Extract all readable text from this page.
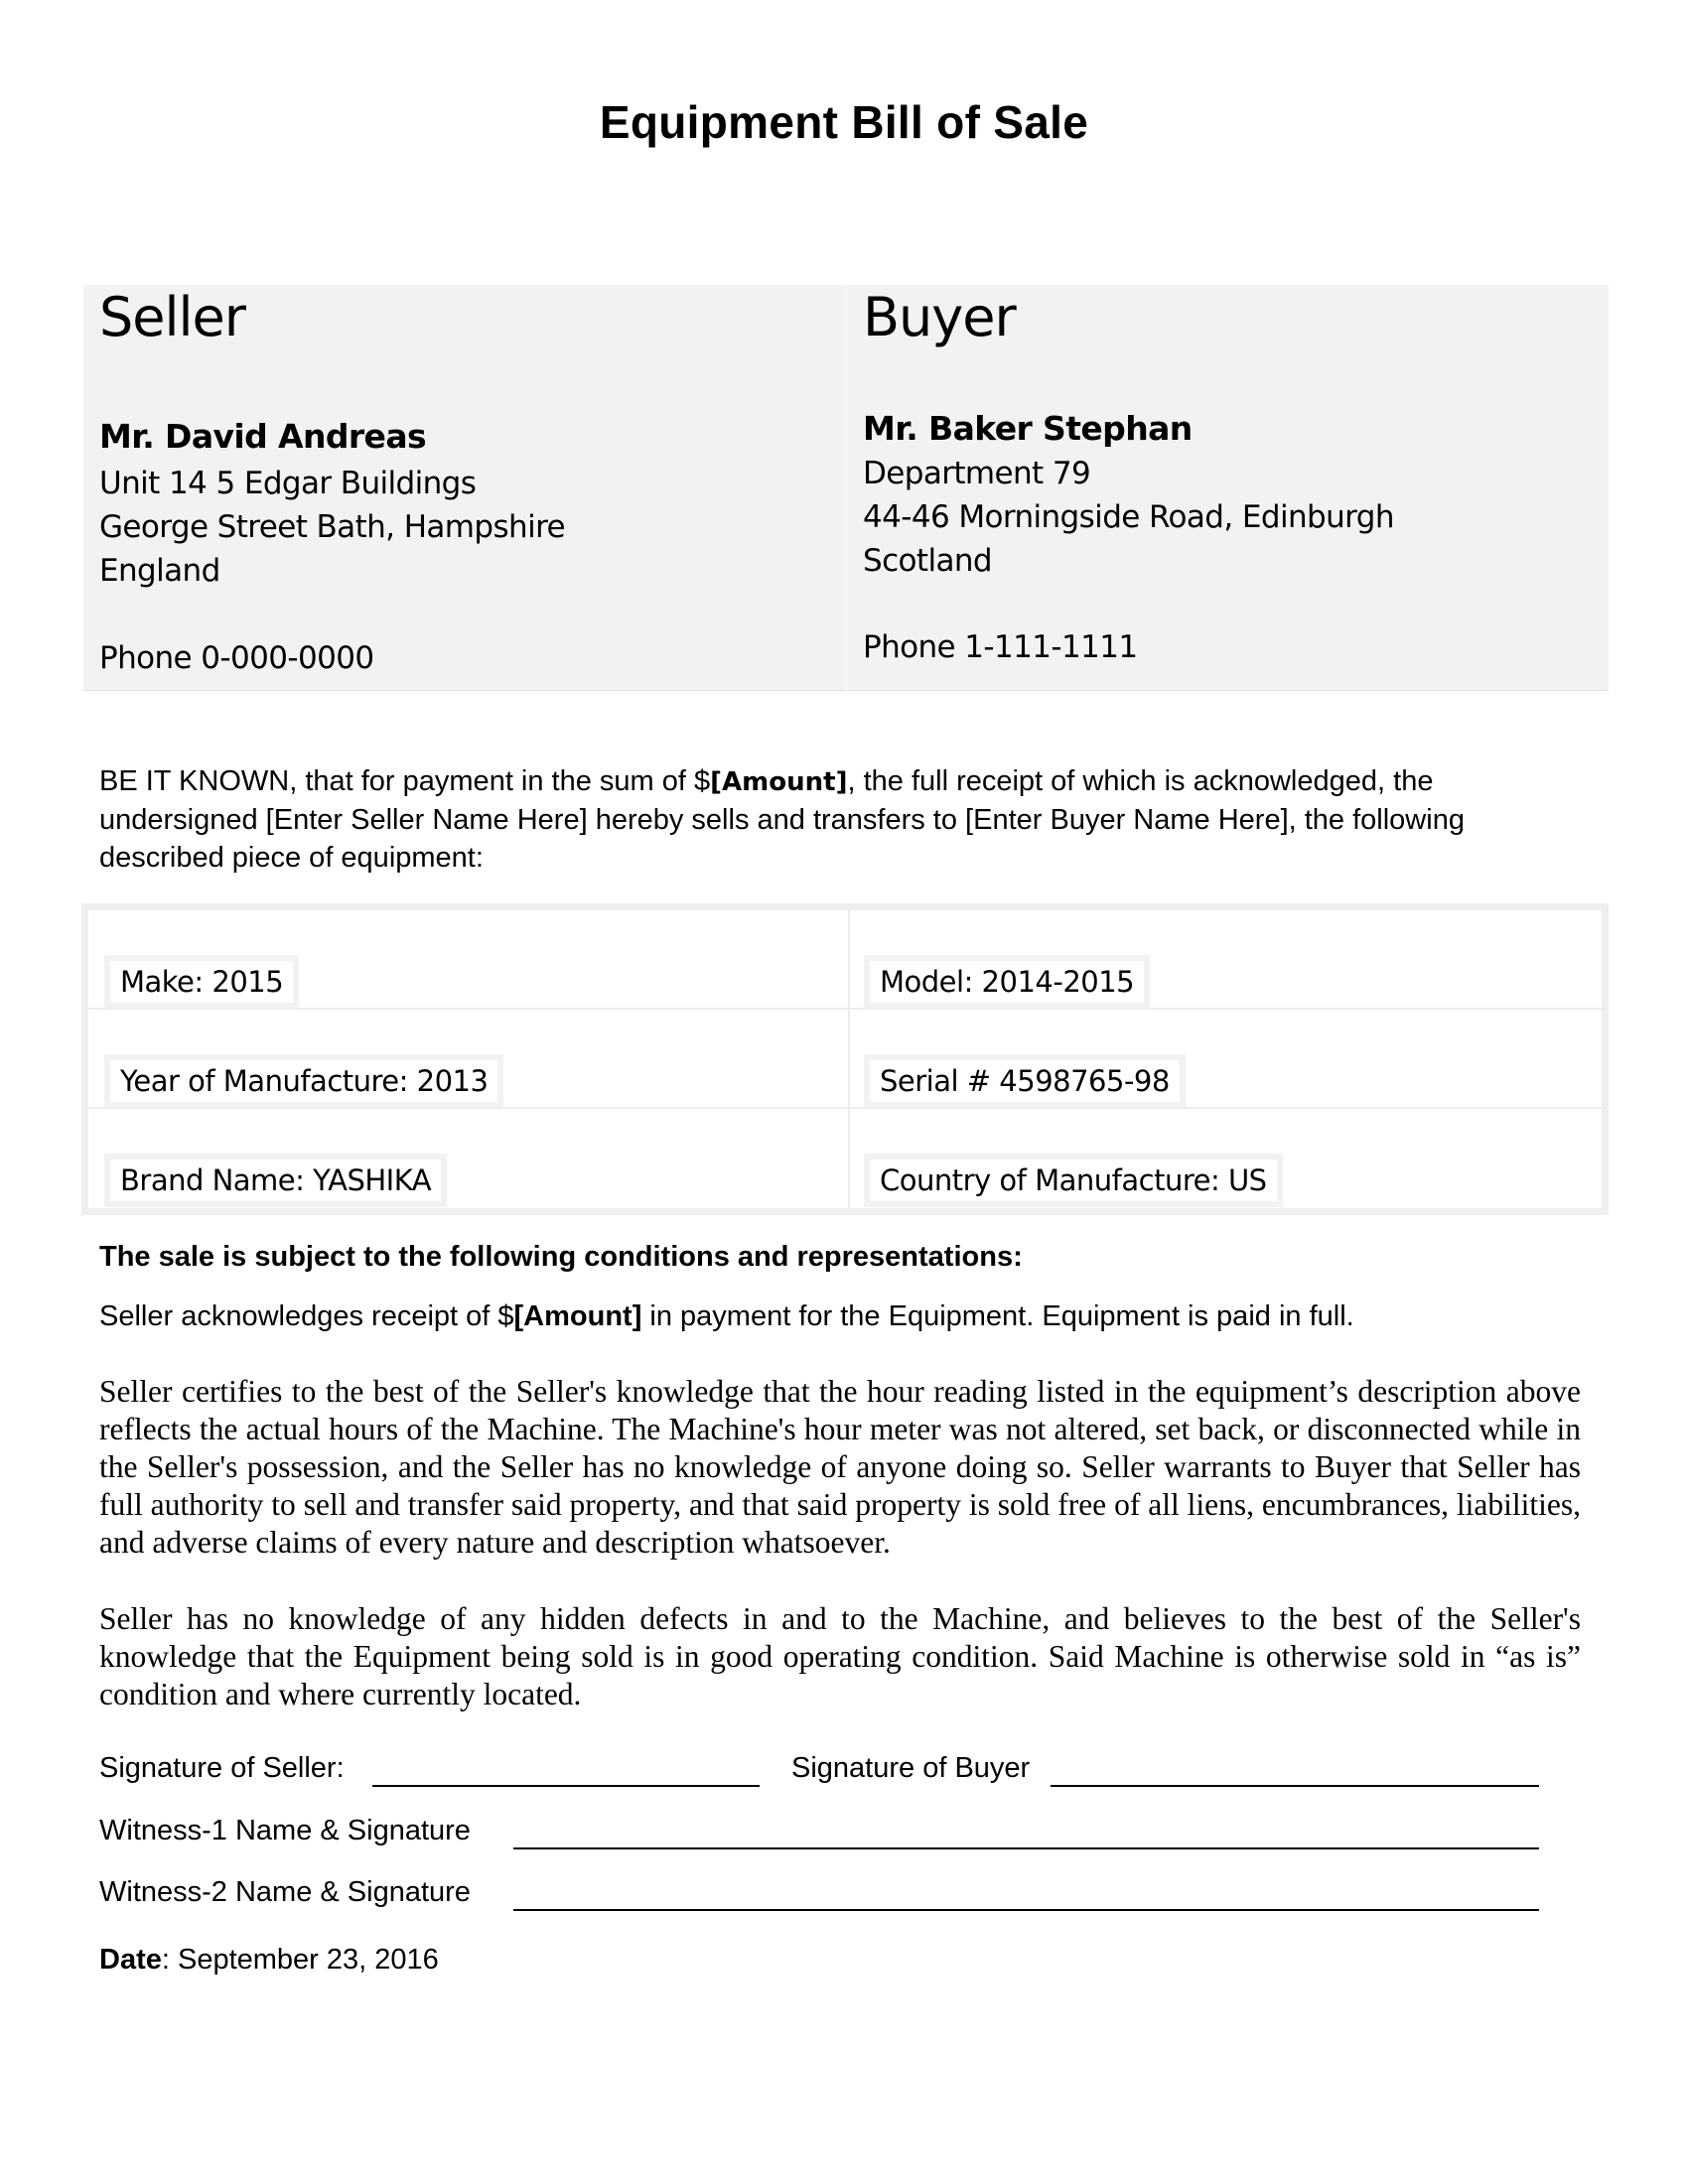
Equipment Bill of Sale
Seller
Mr. David Andreas
Unit 14 5 Edgar Buildings
George Street Bath, Hampshire
England
Phone 0-000-0000
Buyer
Mr. Baker Stephan
Department 79
44-46 Morningside Road, Edinburgh
Scotland
Phone 1-111-1111
BE IT KNOWN, that for payment in the sum of $[Amount], the full receipt of which is acknowledged, the undersigned [Enter Seller Name Here] hereby sells and transfers to [Enter Buyer Name Here], the following described piece of equipment:
Make: 2015	Model: 2014-2015
Year of Manufacture: 2013	Serial # 4598765-98
Brand Name: YASHIKA	Country of Manufacture: US
The sale is subject to the following conditions and representations:
Seller acknowledges receipt of $[Amount] in payment for the Equipment. Equipment is paid in full.
Seller certifies to the best of the Seller's knowledge that the hour reading listed in the equipment’s description above reflects the actual hours of the Machine. The Machine's hour meter was not altered, set back, or disconnected while in the Seller's possession, and the Seller has no knowledge of anyone doing so. Seller warrants to Buyer that Seller has full authority to sell and transfer said property, and that said property is sold free of all liens, encumbrances, liabilities, and adverse claims of every nature and description whatsoever.
Seller has no knowledge of any hidden defects in and to the Machine, and believes to the best of the Seller's knowledge that the Equipment being sold is in good operating condition. Said Machine is otherwise sold in “as is” condition and where currently located.
Signature of Seller:	Signature of Buyer
Witness-1 Name & Signature
Witness-2 Name & Signature
Date: September 23, 2016
